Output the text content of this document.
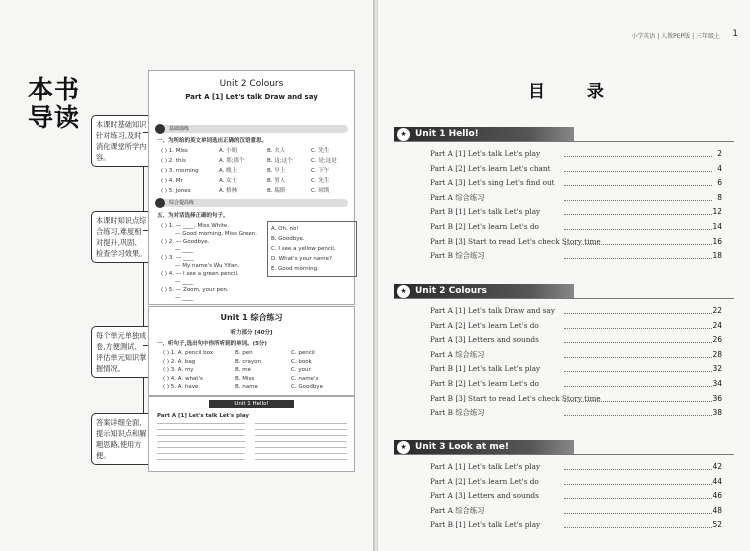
本书
导读	本课时基础知识针对练习,及时消化课堂所学内容。
本课时知识点综合练习,难度相对提升,巩固、检查学习效果。
每个单元单独成卷,方便测试、评估单元知识掌握情况。
答案详细全面,提示知识点和解题思路,使用方便。
Unit 2 Colours
Part A [1] Let's talk Draw and say
基础演练
一、为所给的英文单词选出正确的汉语意思。
( ) 1. Miss	A. 小姐	B. 夫人	C. 先生
( ) 2. this	A. 那;那个	B. 这;这个	C. 是;这是
( ) 3. morning	A. 晚上	B. 早上	C. 下午
( ) 4. Mr	A. 女士	B. 男人	C. 先生
( ) 5. Jones	A. 格林	B. 瑞斯	C. 琼斯
综合提高练
五、为对话选择正确的句子。
( ) 1. — ____, Miss White.
— Good morning, Miss Green.
( ) 2. — Goodbye.
— ____
( ) 3. — ____
— My name's Wu Yifan.
( ) 4. — I see a green pencil.
— ____
( ) 5. — Zoom, your pen.
— ____
A. Oh, no!
B. Goodbye.
C. I see a yellow pencil.
D. What's your name?
E. Good morning.
Unit 1 综合练习
听力部分 [40分]
一、听句子,选出句中你所听到的单词。(5分)
( ) 1. A. pencil box	B. pen	C. pencil
( ) 2. A. bag	B. crayon	C. book
( ) 3. A. my	B. me	C. your
( ) 4. A. what's	B. Miss	C. name's
( ) 5. A. have	B. name	C. Goodbye
Unit 1 Hello!
Part A [1] Let's talk Let's play
小学英语 | 人教PEP版 | 三年级上 1
目 录
★ Unit 1 Hello!
Part A [1] Let's talk Let's play	2
Part A [2] Let's learn Let's chant	4
Part A [3] Let's sing Let's find out	6
Part A 综合练习	8
Part B [1] Let's talk Let's play	12
Part B [2] Let's learn Let's do	14
Part B [3] Start to read Let's check Story time	16
Part B 综合练习	18
★ Unit 2 Colours
Part A [1] Let's talk Draw and say	22
Part A [2] Let's learn Let's do	24
Part A [3] Letters and sounds	26
Part A 综合练习	28
Part B [1] Let's talk Let's play	32
Part B [2] Let's learn Let's do	34
Part B [3] Start to read Let's check Story time	36
Part B 综合练习	38
★ Unit 3 Look at me!
Part A [1] Let's talk Let's play	42
Part A [2] Let's learn Let's do	44
Part A [3] Letters and sounds	46
Part A 综合练习	48
Part B [1] Let's talk Let's play	52
